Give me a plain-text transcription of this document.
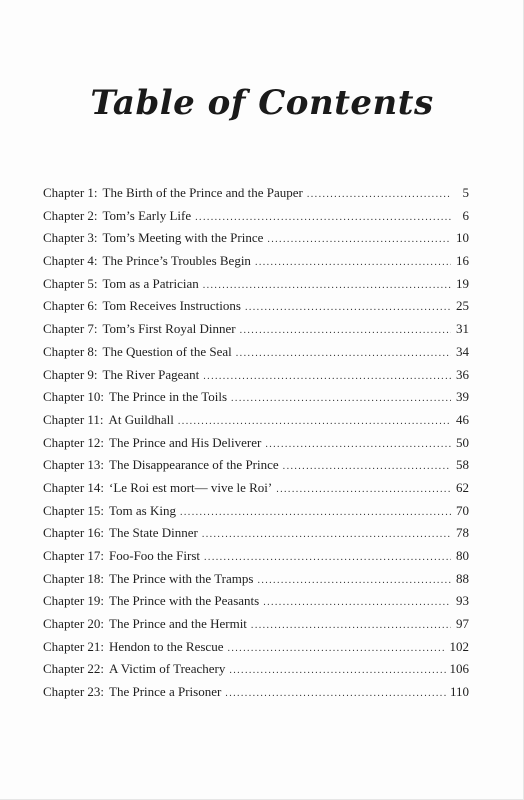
Table of Contents
Chapter 1: The Birth of the Prince and the Pauper .....	5
Chapter 2: Tom’s Early Life .....	6
Chapter 3: Tom’s Meeting with the Prince .....	10
Chapter 4: The Prince’s Troubles Begin .....	16
Chapter 5: Tom as a Patrician .....	19
Chapter 6: Tom Receives Instructions .....	25
Chapter 7: Tom’s First Royal Dinner .....	31
Chapter 8: The Question of the Seal .....	34
Chapter 9: The River Pageant .....	36
Chapter 10: The Prince in the Toils .....	39
Chapter 11: At Guildhall .....	46
Chapter 12: The Prince and His Deliverer .....	50
Chapter 13: The Disappearance of the Prince .....	58
Chapter 14: ‘Le Roi est mort— vive le Roi’ .....	62
Chapter 15: Tom as King .....	70
Chapter 16: The State Dinner .....	78
Chapter 17: Foo-Foo the First .....	80
Chapter 18: The Prince with the Tramps .....	88
Chapter 19: The Prince with the Peasants .....	93
Chapter 20: The Prince and the Hermit .....	97
Chapter 21: Hendon to the Rescue .....	102
Chapter 22: A Victim of Treachery .....	106
Chapter 23: The Prince a Prisoner .....	110
